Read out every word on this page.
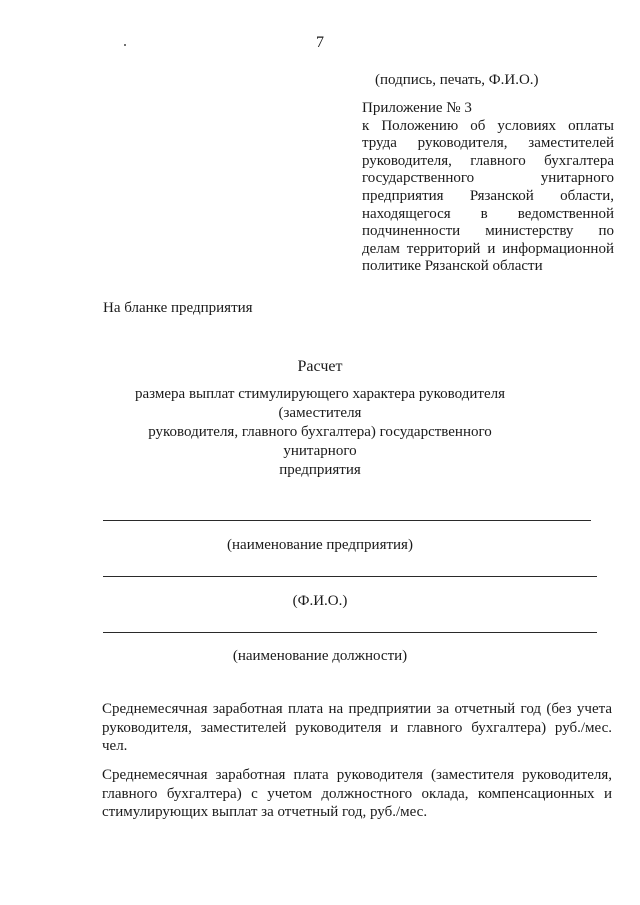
7
(подпись, печать, Ф.И.О.)

Приложение № 3

к Положению об условиях оплаты

труда руководителя, заместителей

руководителя, главного бухгалтера

государственного унитарного

предприятия Рязанской области,

находящегося в ведомственной

подчиненности министерству по

делам территорий и информационной

политике Рязанской области

На бланке предприятия
Расчет
размера выплат стимулирующего характера руководителя (заместителя
руководителя, главного бухгалтера) государственного унитарного
предприятия
(наименование предприятия)
(Ф.И.О.)
(наименование должности)

Среднемесячная заработная плата на предприятии за отчетный год (без учета

руководителя, заместителей руководителя и главного бухгалтера) руб./мес.

чел.

Среднемесячная заработная плата руководителя (заместителя руководителя,

главного бухгалтера) с учетом должностного оклада, компенсационных и

стимулирующих выплат за отчетный год, руб./мес.
